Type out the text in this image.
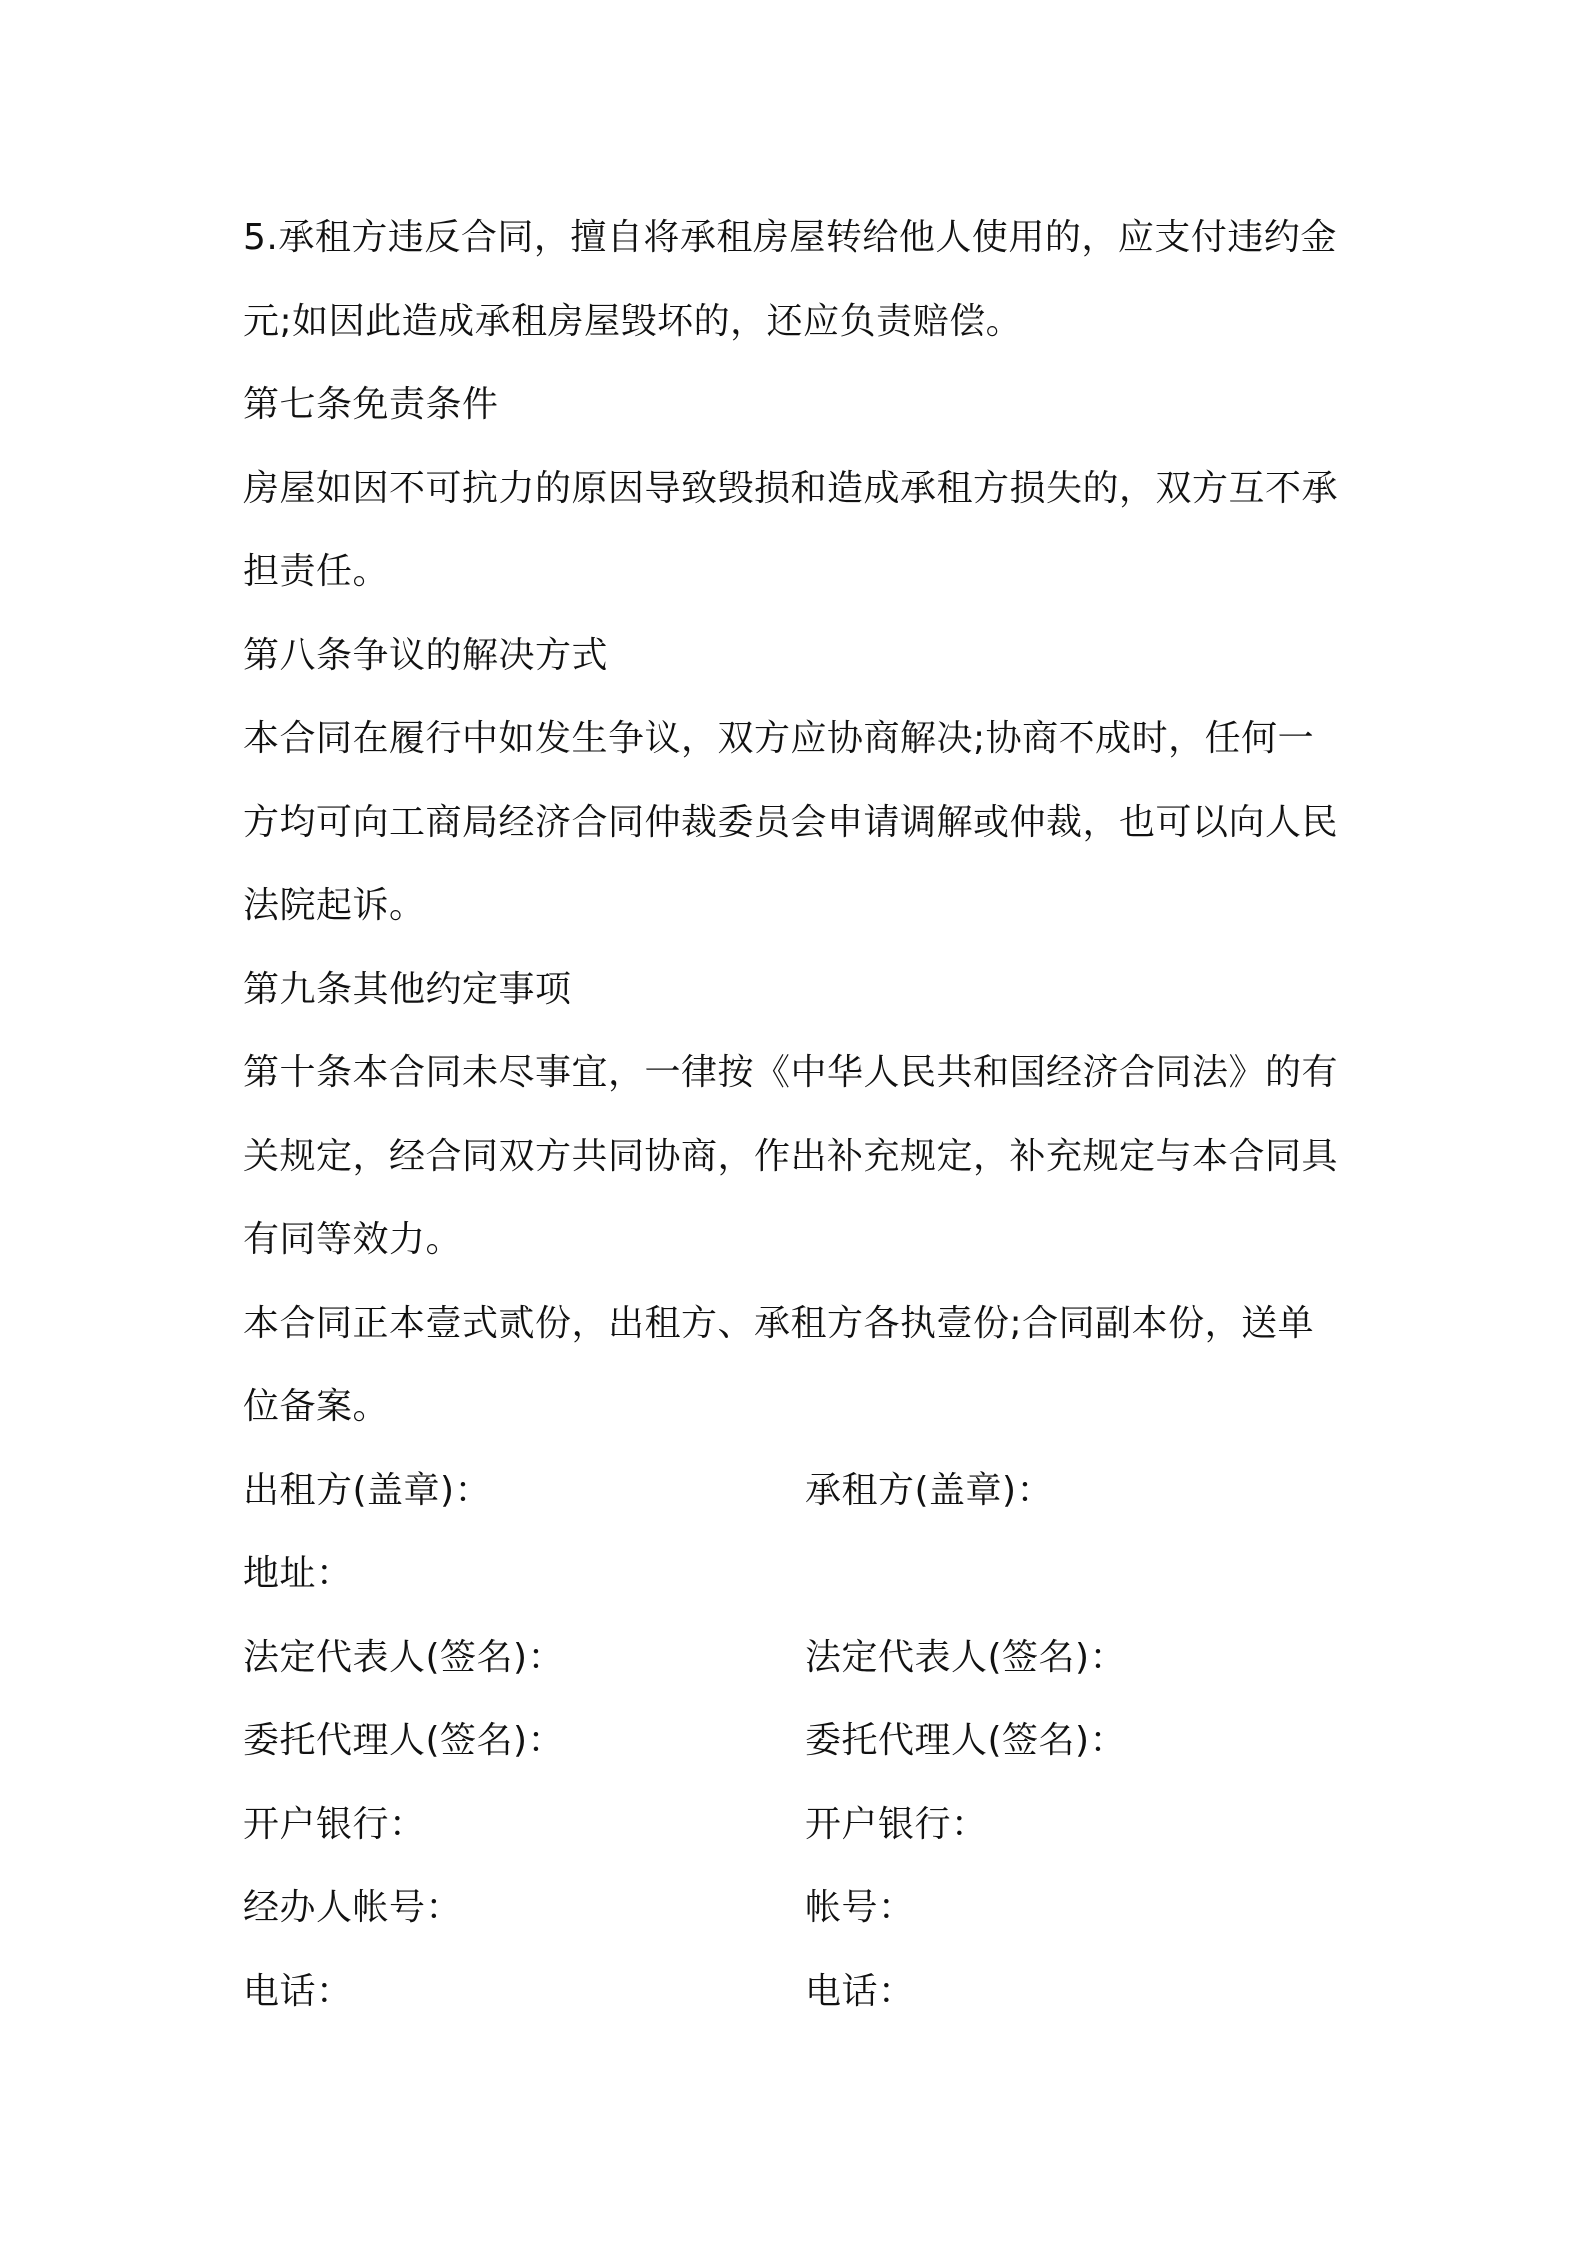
5.承租方违反合同，擅自将承租房屋转给他人使用的，应支付违约金
元;如因此造成承租房屋毁坏的，还应负责赔偿。
第七条免责条件
房屋如因不可抗力的原因导致毁损和造成承租方损失的，双方互不承
担责任。
第八条争议的解决方式
本合同在履行中如发生争议，双方应协商解决;协商不成时，任何一
方均可向工商局经济合同仲裁委员会申请调解或仲裁，也可以向人民
法院起诉。
第九条其他约定事项
第十条本合同未尽事宜，一律按《中华人民共和国经济合同法》的有
关规定，经合同双方共同协商，作出补充规定，补充规定与本合同具
有同等效力。
本合同正本壹式贰份，出租方、承租方各执壹份;合同副本份，送单
位备案。
出租方(盖章)：	承租方(盖章)：
地址：
法定代表人(签名)：	法定代表人(签名)：
委托代理人(签名)：	委托代理人(签名)：
开户银行：	开户银行：
经办人帐号：	帐号：
电话：	电话：
